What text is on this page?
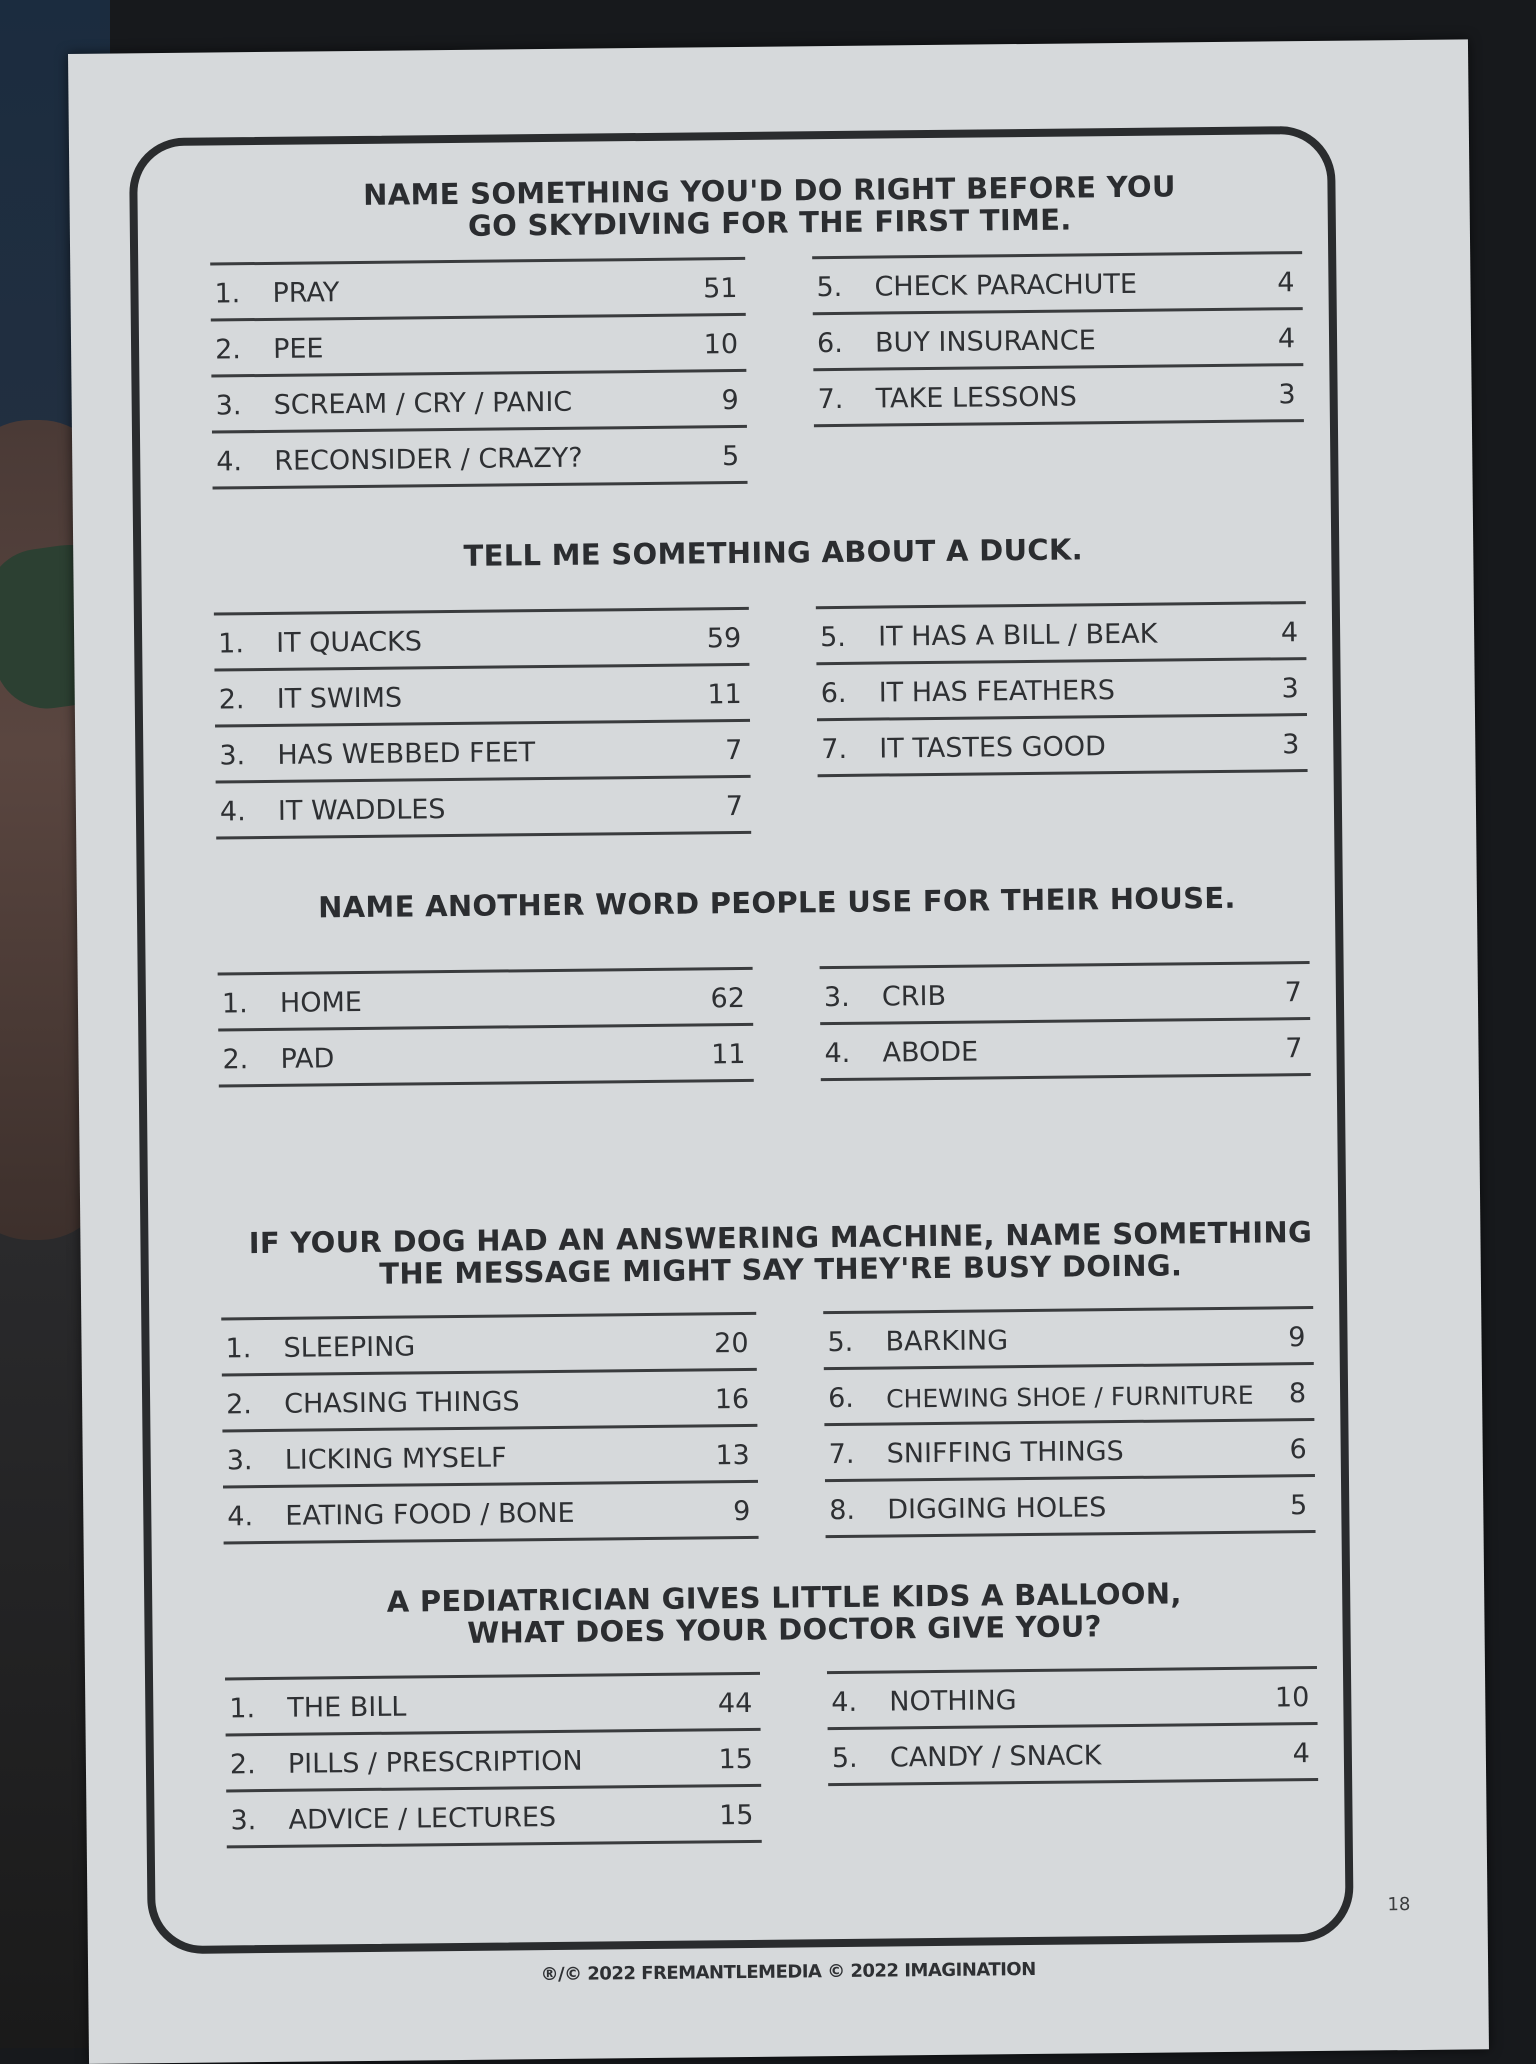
NAME SOMETHING YOU'D DO RIGHT BEFORE YOU
GO SKYDIVING FOR THE FIRST TIME.
1. PRAY	51
2. PEE	10
3. SCREAM / CRY / PANIC	9
4. RECONSIDER / CRAZY?	5
5. CHECK PARACHUTE	4
6. BUY INSURANCE	4
7. TAKE LESSONS	3
TELL ME SOMETHING ABOUT A DUCK.
1. IT QUACKS	59
2. IT SWIMS	11
3. HAS WEBBED FEET	7
4. IT WADDLES	7
5. IT HAS A BILL / BEAK	4
6. IT HAS FEATHERS	3
7. IT TASTES GOOD	3
NAME ANOTHER WORD PEOPLE USE FOR THEIR HOUSE.
1. HOME	62
2. PAD	11
3. CRIB	7
4. ABODE	7
IF YOUR DOG HAD AN ANSWERING MACHINE, NAME SOMETHING
THE MESSAGE MIGHT SAY THEY'RE BUSY DOING.
1. SLEEPING	20
2. CHASING THINGS	16
3. LICKING MYSELF	13
4. EATING FOOD / BONE	9
5. BARKING	9
6. CHEWING SHOE / FURNITURE 8
7. SNIFFING THINGS	6
8. DIGGING HOLES	5
A PEDIATRICIAN GIVES LITTLE KIDS A BALLOON,
WHAT DOES YOUR DOCTOR GIVE YOU?
1. THE BILL	44
2. PILLS / PRESCRIPTION	15
3. ADVICE / LECTURES	15
4. NOTHING	10
5. CANDY / SNACK	4
18
®/© 2022 FREMANTLEMEDIA © 2022 IMAGINATION
